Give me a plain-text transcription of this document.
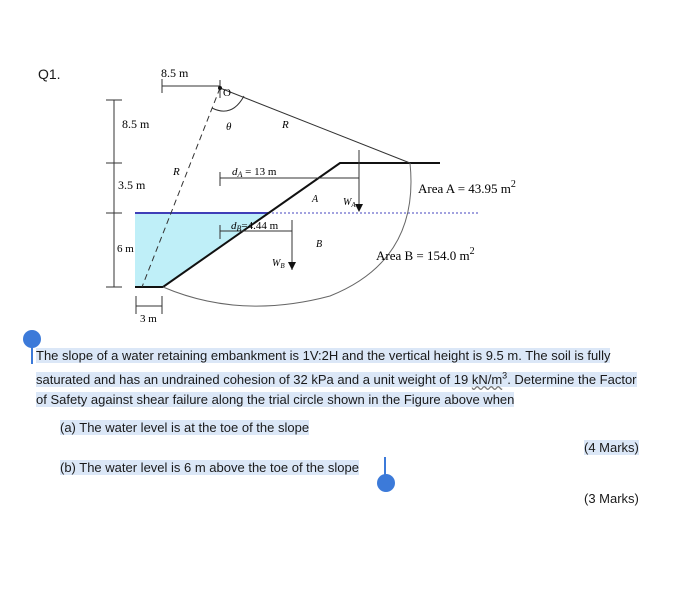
Q1.	8.5 m
8.5 m
3.5 m
6 m
3 m
O
θ	R
R	dA = 13 m
dB=4.44 m
A
B
$W_A$
$W_B$
Area A = 43.95 $m^2$
Area B = 154.0 $m^2$
The slope of a water retaining embankment is 1V:2H and the vertical height is 9.5 m. The soil is fully
saturated and has an undrained cohesion of 32 kPa and a unit weight of 19 $kN/m^3$. Determine the Factor
of Safety against shear failure along the trial circle shown in the Figure above when
(a) The water level is at the toe of the slope
(b) The water level is 6 m above the toe of the slope
(4 Marks)
(3 Marks)
